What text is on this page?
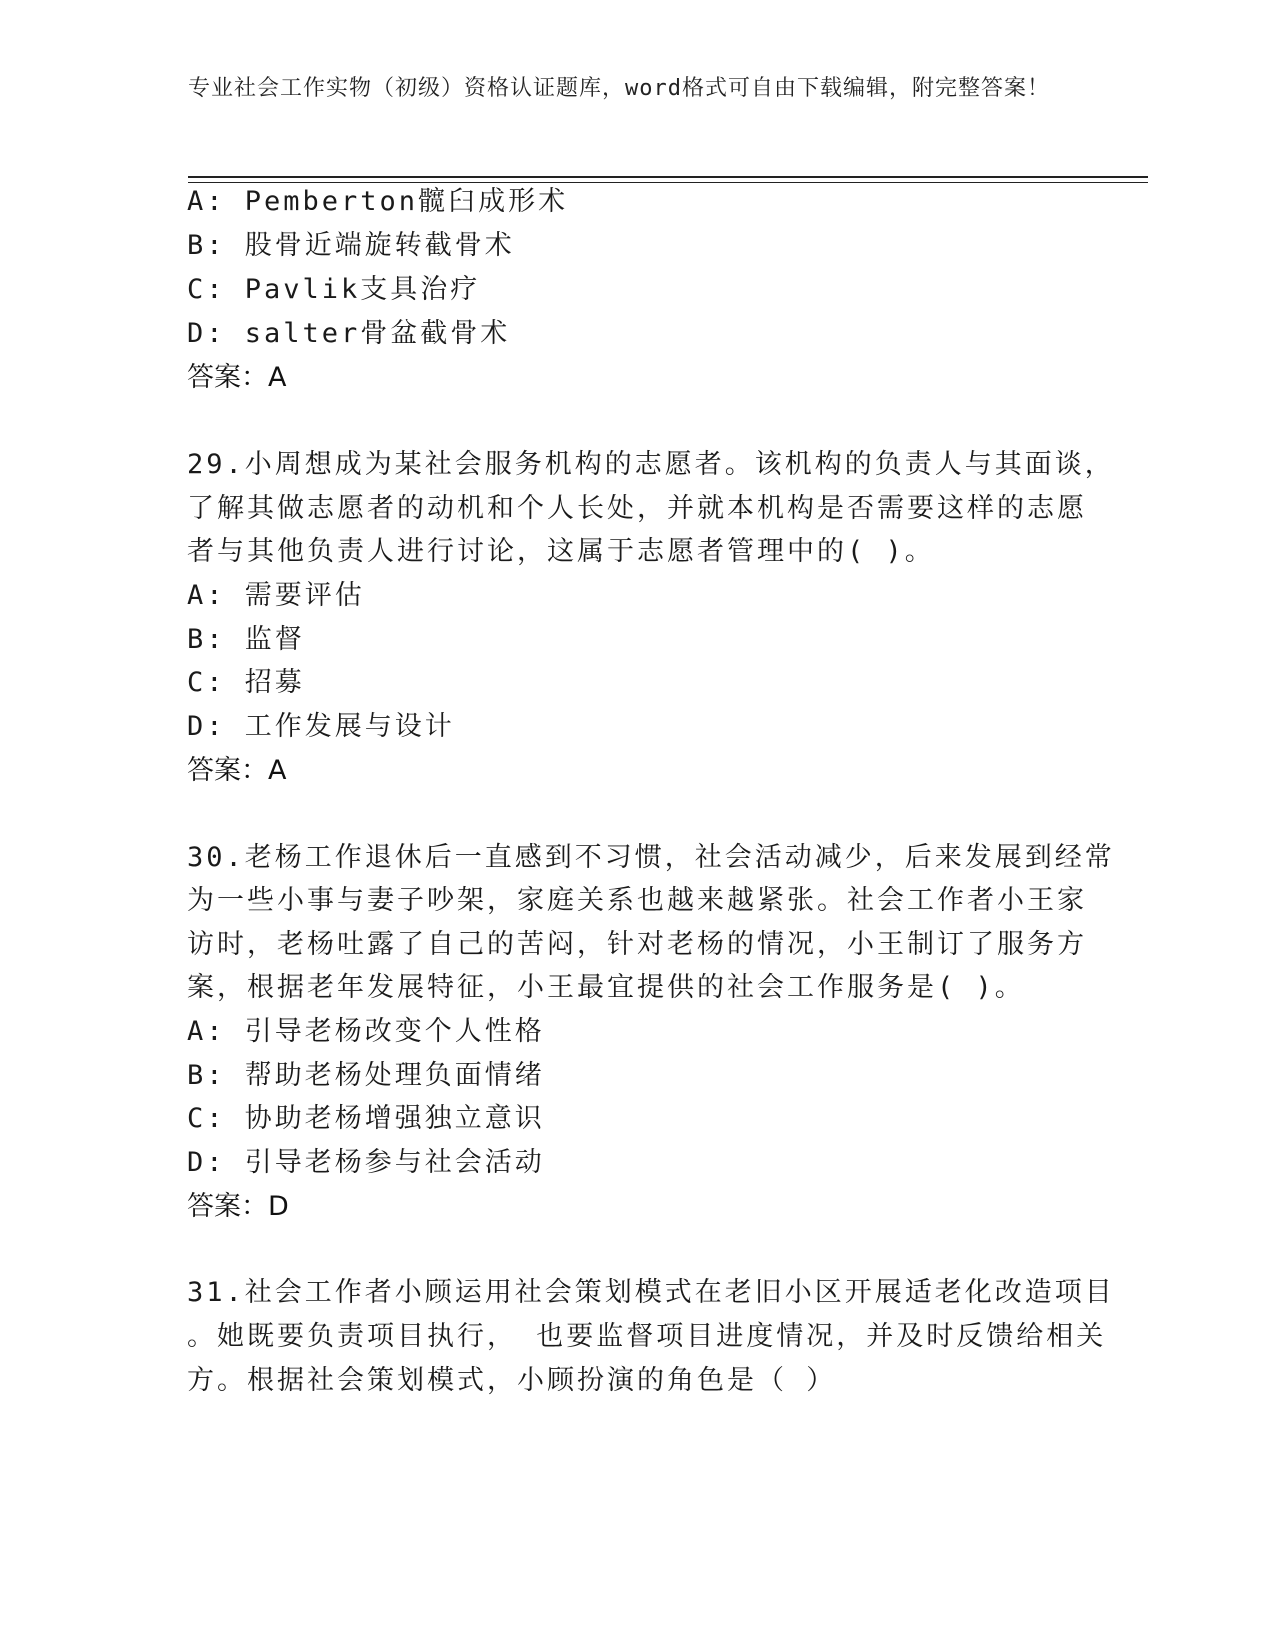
专业社会工作实物（初级）资格认证题库，word格式可自由下载编辑，附完整答案！
A: Pemberton髋臼成形术
B: 股骨近端旋转截骨术
C: Pavlik支具治疗
D: salter骨盆截骨术
答案：A
29.小周想成为某社会服务机构的志愿者。该机构的负责人与其面谈，
了解其做志愿者的动机和个人长处，并就本机构是否需要这样的志愿
者与其他负责人进行讨论，这属于志愿者管理中的( )。
A: 需要评估
B: 监督
C: 招募
D: 工作发展与设计
答案：A
30.老杨工作退休后一直感到不习惯，社会活动减少，后来发展到经常
为一些小事与妻子吵架，家庭关系也越来越紧张。社会工作者小王家
访时，老杨吐露了自己的苦闷，针对老杨的情况，小王制订了服务方
案，根据老年发展特征，小王最宜提供的社会工作服务是( )。
A: 引导老杨改变个人性格
B: 帮助老杨处理负面情绪
C: 协助老杨增强独立意识
D: 引导老杨参与社会活动
答案：D
31.社会工作者小顾运用社会策划模式在老旧小区开展适老化改造项目
。她既要负责项目执行， 也要监督项目进度情况，并及时反馈给相关
方。根据社会策划模式，小顾扮演的角色是（ ）
